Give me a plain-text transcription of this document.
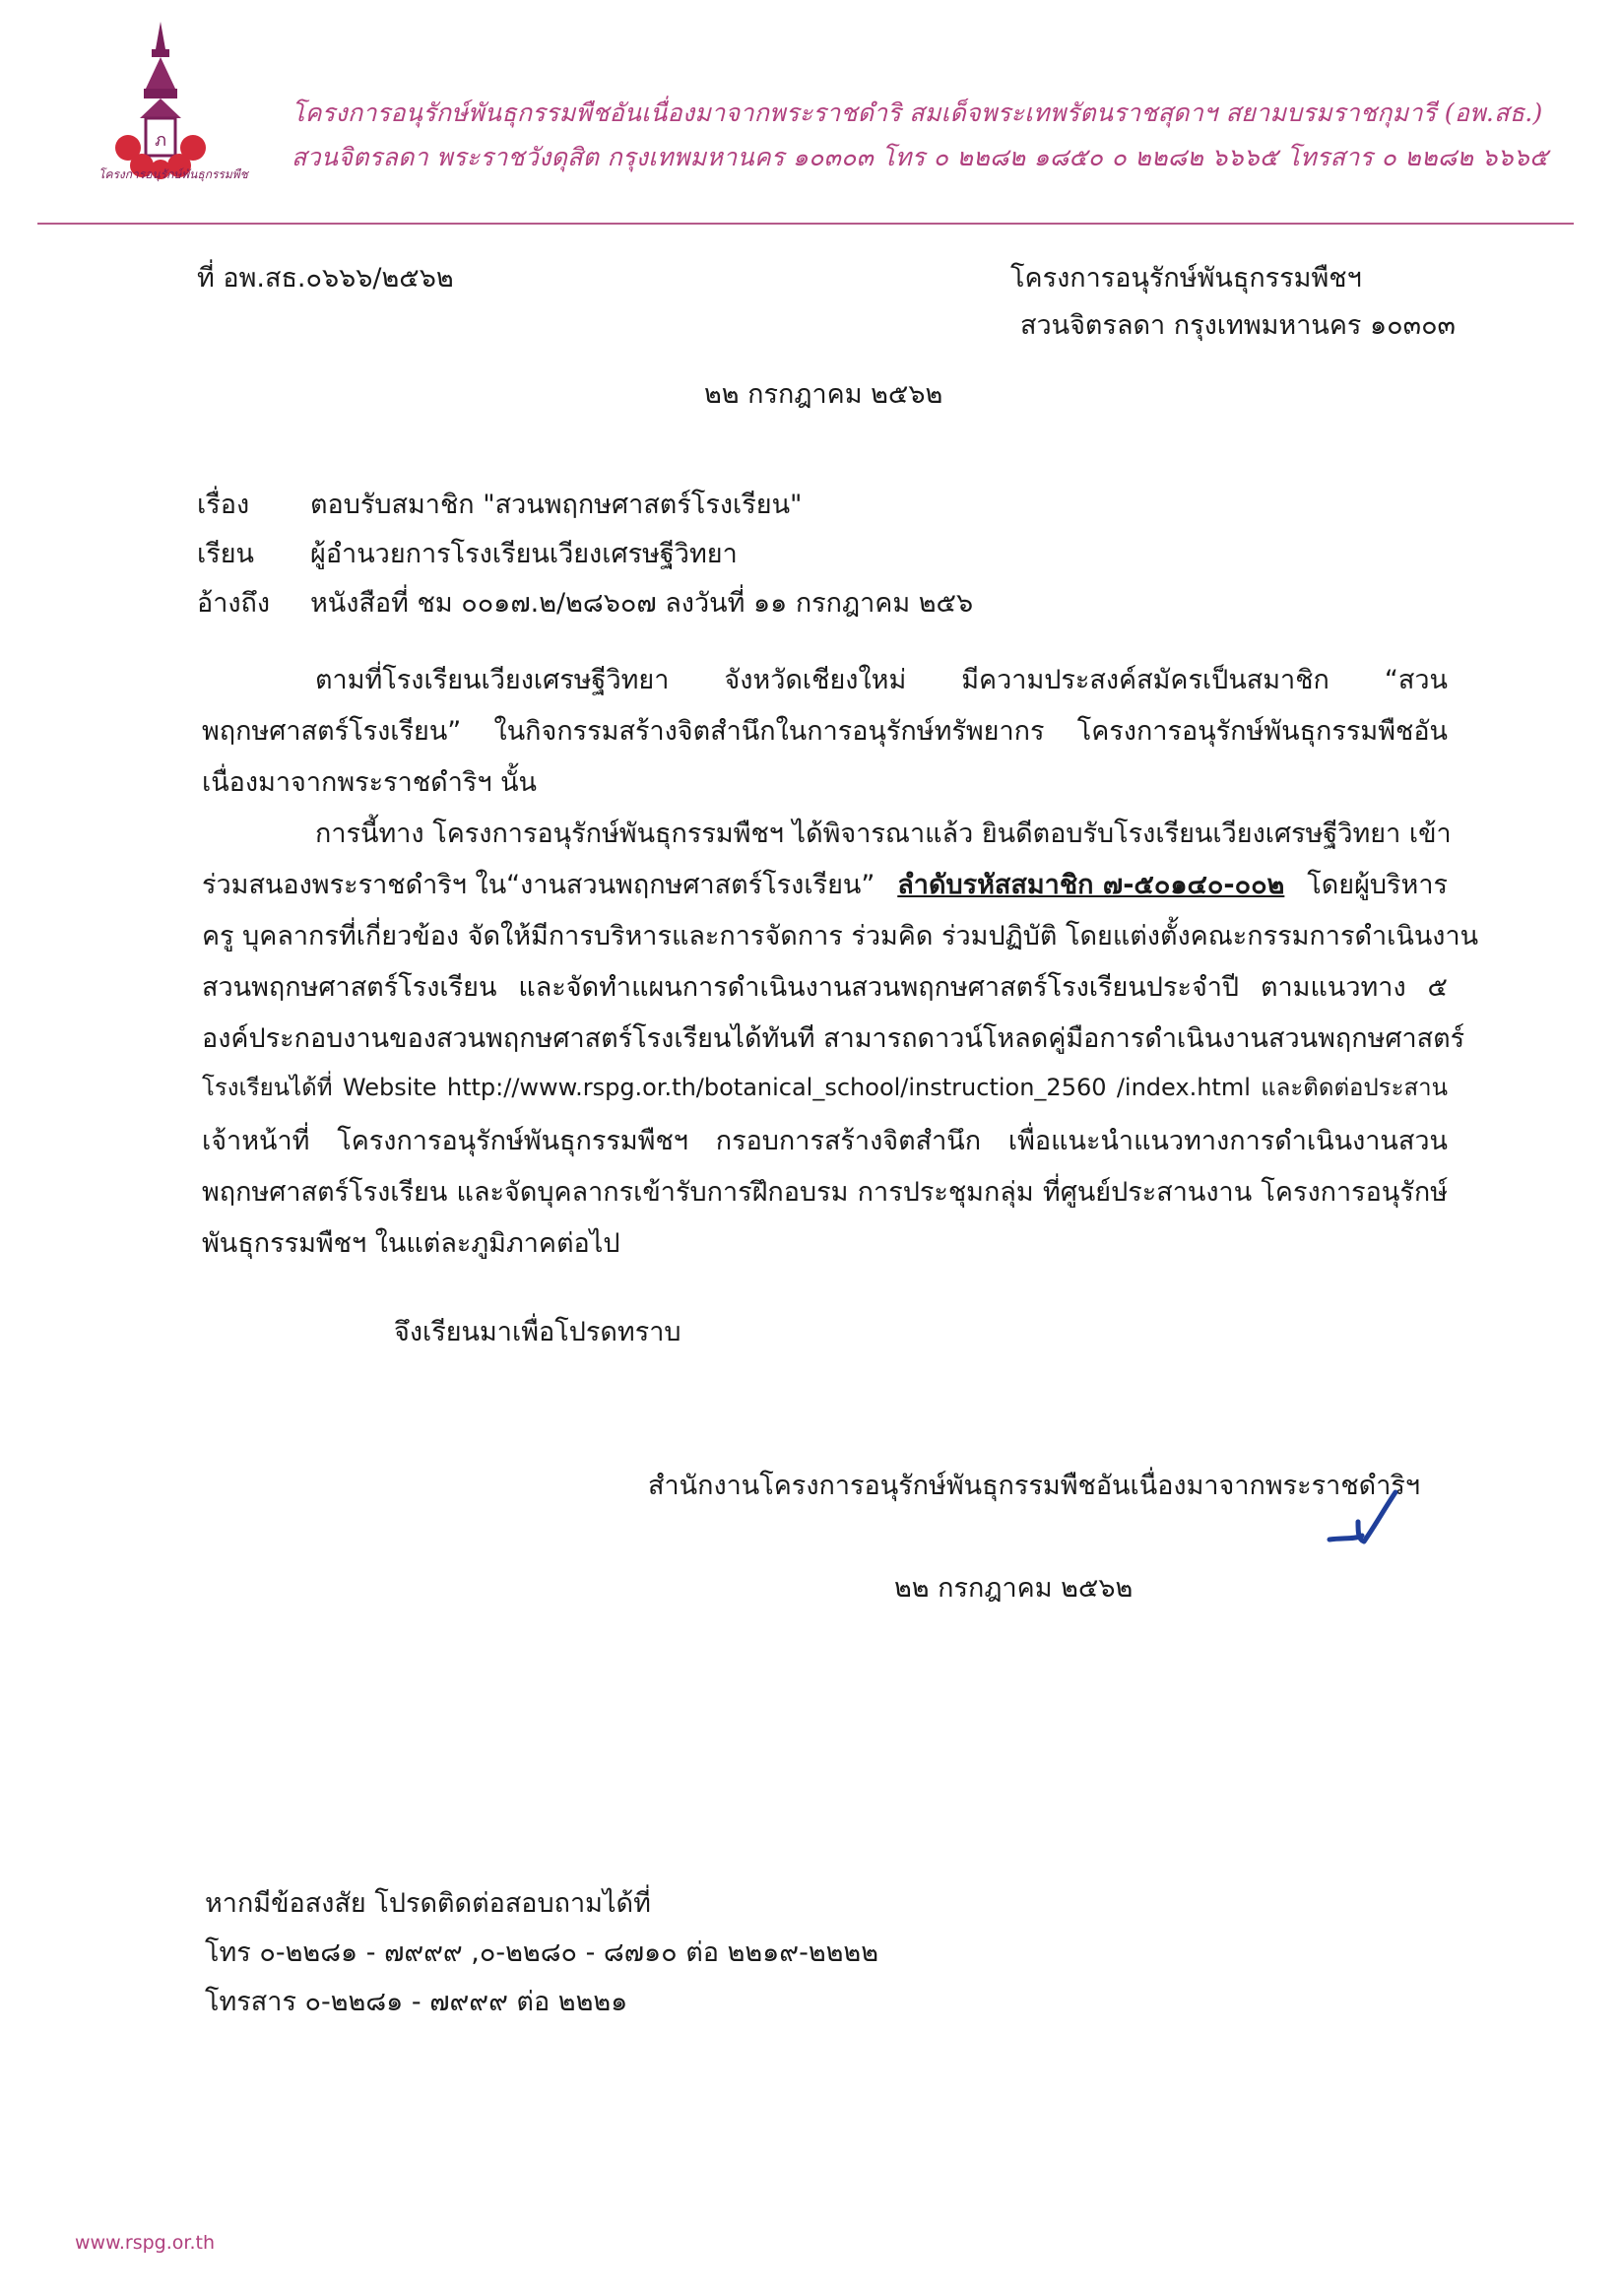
ภ
โครงการอนุรักษ์พันธุกรรมพืช
โครงการอนุรักษ์พันธุกรรมพืชอันเนื่องมาจากพระราชดำริ สมเด็จพระเทพรัตนราชสุดาฯ สยามบรมราชกุมารี (อพ.สธ.)
สวนจิตรลดา พระราชวังดุสิต กรุงเทพมหานคร ๑๐๓๐๓ โทร ๐ ๒๒๘๒ ๑๘๕๐ ๐ ๒๒๘๒ ๖๖๖๕ โทรสาร ๐ ๒๒๘๒ ๖๖๖๕
ที่ อพ.สธ.๐๖๖๖/๒๕๖๒	โครงการอนุรักษ์พันธุกรรมพืชฯ
สวนจิตรลดา กรุงเทพมหานคร ๑๐๓๐๓
๒๒ กรกฎาคม ๒๕๖๒
เรื่อง ตอบรับสมาชิก "สวนพฤกษศาสตร์โรงเรียน"
เรียน ผู้อำนวยการโรงเรียนเวียงเศรษฐีวิทยา
อ้างถึง หนังสือที่ ชม ๐๐๑๗.๒/๒๘๖๐๗ ลงวันที่ ๑๑ กรกฎาคม ๒๕๖
ตามที่โรงเรียนเวียงเศรษฐีวิทยา จังหวัดเชียงใหม่ มีความประสงค์สมัครเป็นสมาชิก “สวน
พฤกษศาสตร์โรงเรียน” ในกิจกรรมสร้างจิตสำนึกในการอนุรักษ์ทรัพยากร โครงการอนุรักษ์พันธุกรรมพืชอัน
เนื่องมาจากพระราชดำริฯ นั้น
การนี้ทาง โครงการอนุรักษ์พันธุกรรมพืชฯ ได้พิจารณาแล้ว ยินดีตอบรับโรงเรียนเวียงเศรษฐีวิทยา เข้า
ร่วมสนองพระราชดำริฯ ใน“งานสวนพฤกษศาสตร์โรงเรียน” ลำดับรหัสสมาชิก ๗-๕๐๑๔๐-๐๐๒ โดยผู้บริหาร
ครู บุคลากรที่เกี่ยวข้อง จัดให้มีการบริหารและการจัดการ ร่วมคิด ร่วมปฏิบัติ โดยแต่งตั้งคณะกรรมการดำเนินงาน
สวนพฤกษศาสตร์โรงเรียน และจัดทำแผนการดำเนินงานสวนพฤกษศาสตร์โรงเรียนประจำปี ตามแนวทาง ๕
องค์ประกอบงานของสวนพฤกษศาสตร์โรงเรียนได้ทันที สามารถดาวน์โหลดคู่มือการดำเนินงานสวนพฤกษศาสตร์
โรงเรียนได้ที่ Website http://www.rspg.or.th/botanical_school/instruction_2560 /index.html และติดต่อประสาน
เจ้าหน้าที่ โครงการอนุรักษ์พันธุกรรมพืชฯ กรอบการสร้างจิตสำนึก เพื่อแนะนำแนวทางการดำเนินงานสวน
พฤกษศาสตร์โรงเรียน และจัดบุคลากรเข้ารับการฝึกอบรม การประชุมกลุ่ม ที่ศูนย์ประสานงาน โครงการอนุรักษ์
พันธุกรรมพืชฯ ในแต่ละภูมิภาคต่อไป
จึงเรียนมาเพื่อโปรดทราบ
สำนักงานโครงการอนุรักษ์พันธุกรรมพืชอันเนื่องมาจากพระราชดำริฯ
๒๒ กรกฎาคม ๒๕๖๒
หากมีข้อสงสัย โปรดติดต่อสอบถามได้ที่
โทร ๐-๒๒๘๑ - ๗๙๙๙ ,๐-๒๒๘๐ - ๘๗๑๐ ต่อ ๒๒๑๙-๒๒๒๒
โทรสาร ๐-๒๒๘๑ - ๗๙๙๙ ต่อ ๒๒๒๑
www.rspg.or.th
